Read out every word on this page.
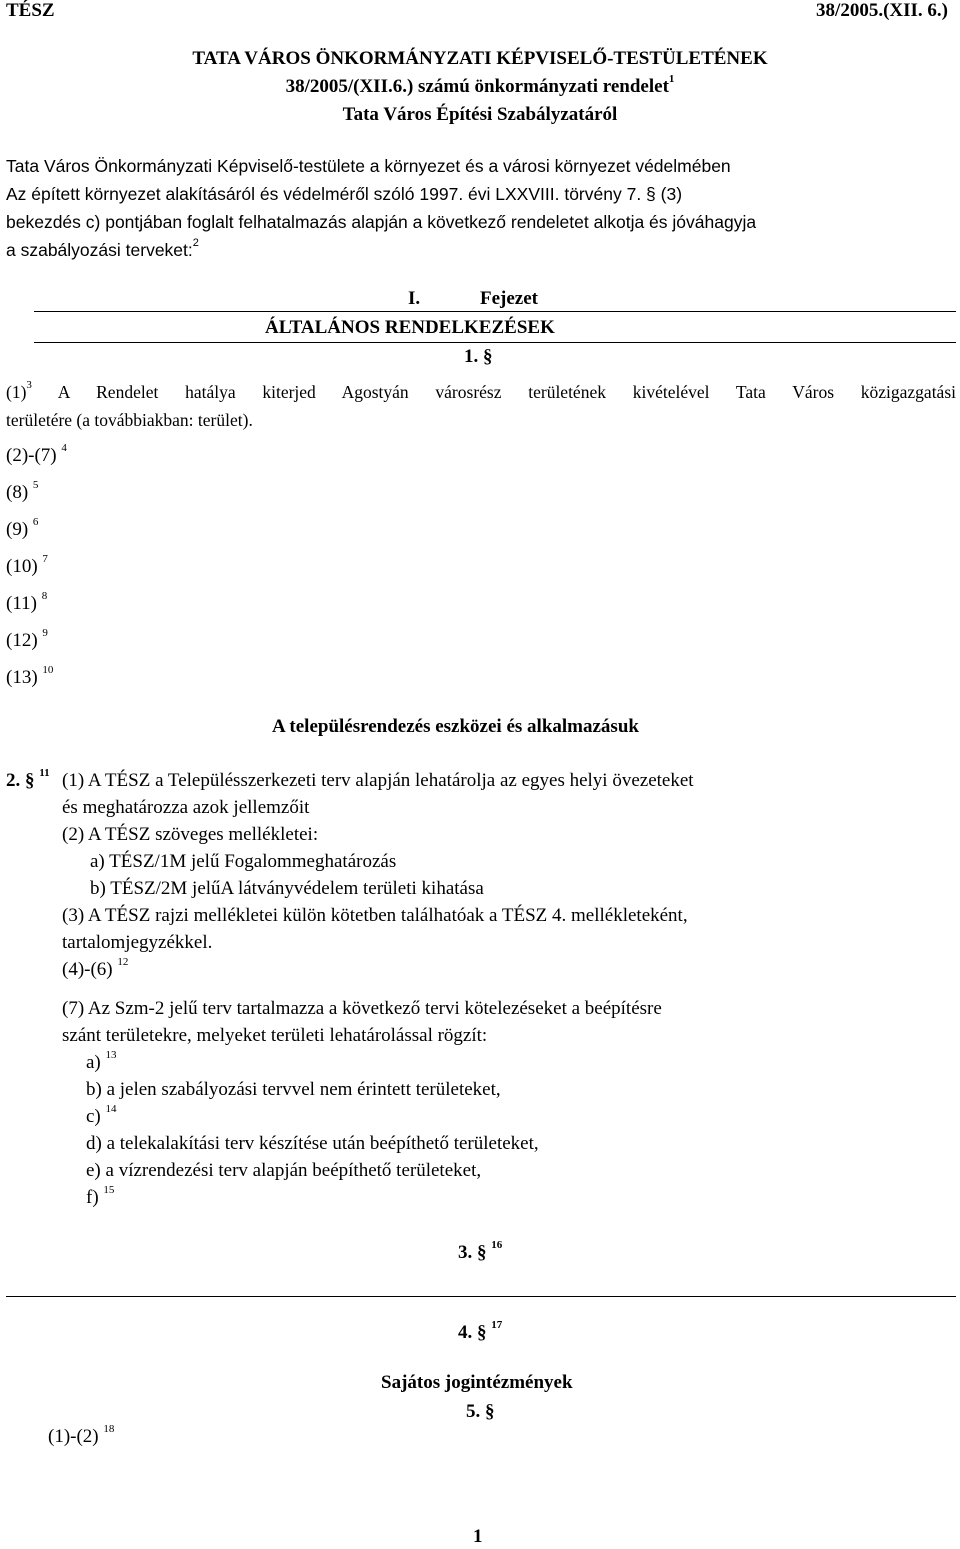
TÉSZ	38/2005.(XII. 6.)
TATA VÁROS ÖNKORMÁNYZATI KÉPVISELŐ-TESTÜLETÉNEK
38/2005/(XII.6.) számú önkormányzati rendelet$^1$
Tata Város Építési Szabályzatáról
Tata Város Önkormányzati Képviselő-testülete a környezet és a városi környezet védelmében
Az épített környezet alakításáról és védelméről szóló 1997. évi LXXVIII. törvény 7. § (3)
bekezdés c) pontjában foglalt felhatalmazás alapján a következő rendeletet alkotja és jóváhagyja
a szabályozási terveket:$^2$
I.	Fejezet
ÁLTALÁNOS RENDELKEZÉSEK
1. §
$(1)^3$ A Rendelet hatálya kiterjed Agostyán városrész területének kivételével Tata Város közigazgatási
területére (a továbbiakban: terület).
(2)-(7) $^4$
(8) $^5$
(9) $^6$
(10) $^7$
(11) $^8$
(12) $^9$
(13) $^{10}$
A településrendezés eszközei és alkalmazásuk
2. § $^{11}$ (1) A TÉSZ a Településszerkezeti terv alapján lehatárolja az egyes helyi övezeteket
és meghatározza azok jellemzőit
(2) A TÉSZ szöveges mellékletei:
a) TÉSZ/1M jelű Fogalommeghatározás
b) TÉSZ/2M jelűA látványvédelem területi kihatása
(3) A TÉSZ rajzi mellékletei külön kötetben találhatóak a TÉSZ 4. mellékleteként,
tartalomjegyzékkel.
(4)-(6) $^{12}$
(7) Az Szm-2 jelű terv tartalmazza a következő tervi kötelezéseket a beépítésre
szánt területekre, melyeket területi lehatárolással rögzít:
a) $^{13}$
b) a jelen szabályozási tervvel nem érintett területeket,
c) $^{14}$
d) a telekalakítási terv készítése után beépíthető területeket,
e) a vízrendezési terv alapján beépíthető területeket,
f) $^{15}$
3. § $^{16}$
4. § $^{17}$
Sajátos jogintézmények
5. §
(1)-(2) $^{18}$
1
